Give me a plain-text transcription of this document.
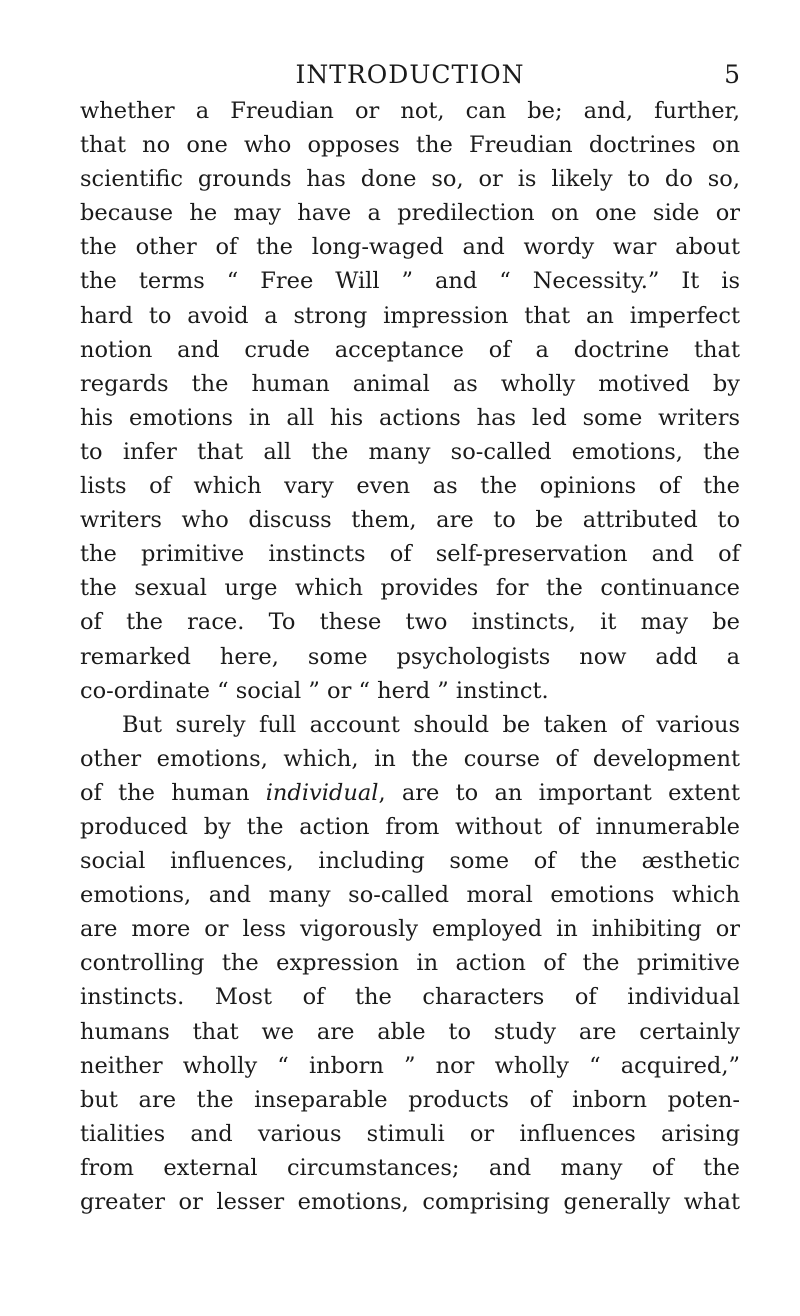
INTRODUCTION	5
whether a Freudian or not, can be; and, further,
that no one who opposes the Freudian doctrines on
scientific grounds has done so, or is likely to do so,
because he may have a predilection on one side or
the other of the long-waged and wordy war about
the terms “ Free Will ” and “ Necessity.” It is
hard to avoid a strong impression that an imperfect
notion and crude acceptance of a doctrine that
regards the human animal as wholly motived by
his emotions in all his actions has led some writers
to infer that all the many so-called emotions, the
lists of which vary even as the opinions of the
writers who discuss them, are to be attributed to
the primitive instincts of self-preservation and of
the sexual urge which provides for the continuance
of the race. To these two instincts, it may be
remarked here, some psychologists now add a
co-ordinate “ social ” or “ herd ” instinct.
But surely full account should be taken of various
other emotions, which, in the course of development
of the human individual, are to an important extent
produced by the action from without of innumerable
social influences, including some of the æsthetic
emotions, and many so-called moral emotions which
are more or less vigorously employed in inhibiting or
controlling the expression in action of the primitive
instincts. Most of the characters of individual
humans that we are able to study are certainly
neither wholly “ inborn ” nor wholly “ acquired,”
but are the inseparable products of inborn poten-
tialities and various stimuli or influences arising
from external circumstances; and many of the
greater or lesser emotions, comprising generally what
